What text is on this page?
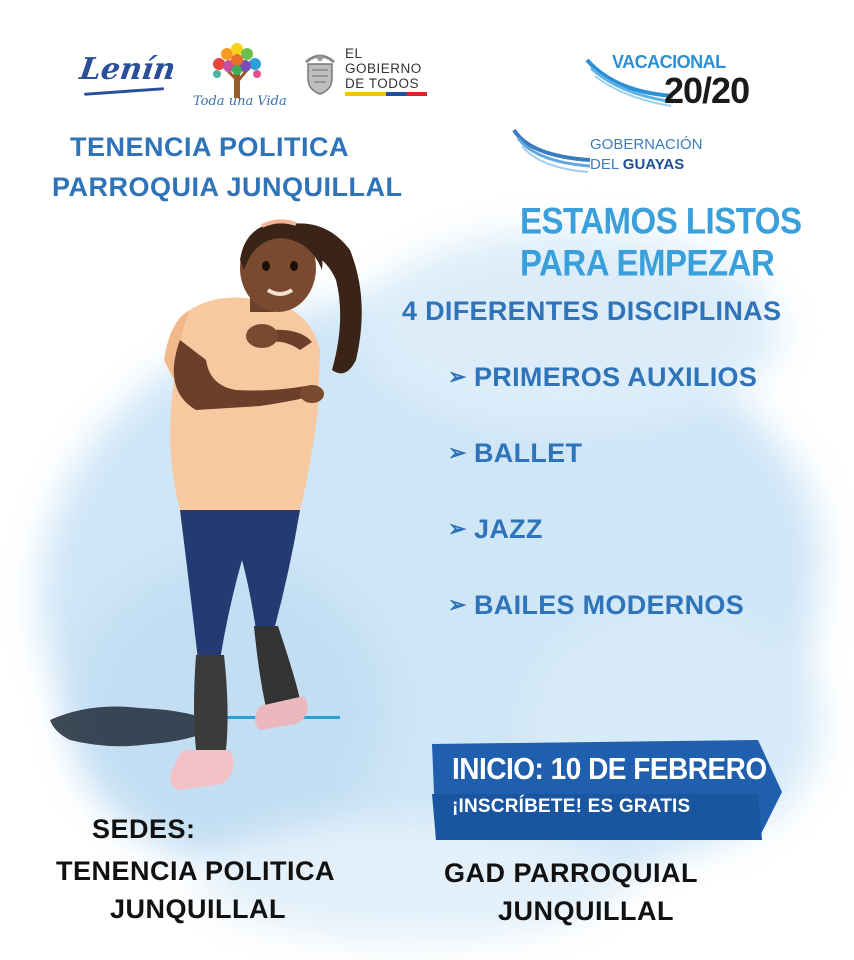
Lenín
Toda una Vida
EL
GOBIERNO
DE TODOS
VACACIONAL
20/20
GOBERNACIÓN
DEL GUAYAS
TENENCIA POLITICA
PARROQUIA JUNQUILLAL
ESTAMOS LISTOS
PARA EMPEZAR
4 DIFERENTES DISCIPLINAS
➢ PRIMEROS AUXILIOS
➢ BALLET
➢ JAZZ
➢ BAILES MODERNOS
INICIO: 10 DE FEBRERO
¡INSCRÍBETE! ES GRATIS
SEDES:
TENENCIA POLITICA
JUNQUILLAL
GAD PARROQUIAL
JUNQUILLAL
